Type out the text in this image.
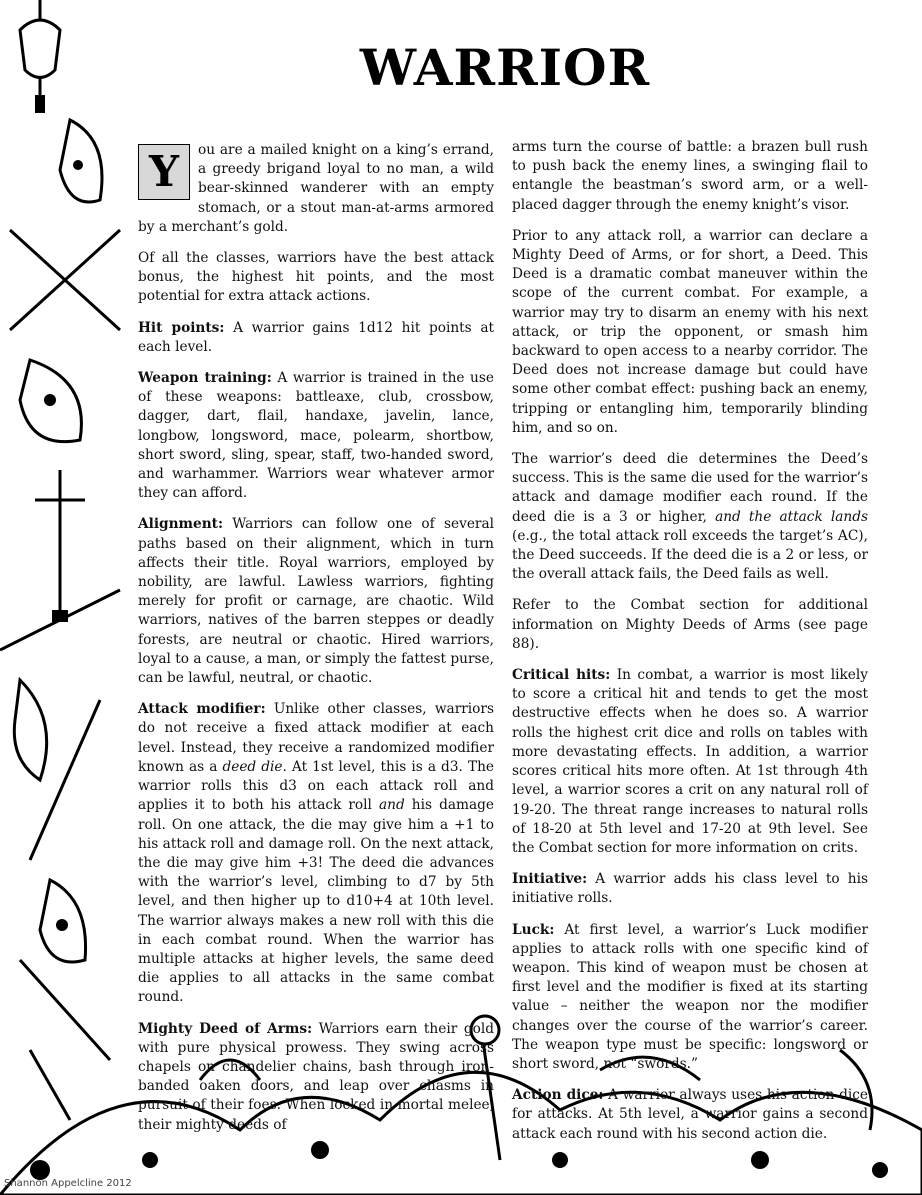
WARRIOR

Y	ou are a mailed knight on a king’s errand, a greedy brigand loyal to no man, a wild bear-skinned wanderer with an empty stomach, or a stout man-at-arms armored by a merchant’s gold.

Of all the classes, warriors have the best attack bonus, the highest hit points, and the most potential for extra attack actions.

Hit points: A warrior gains 1d12 hit points at each level.

Weapon training: A warrior is trained in the use of these weapons: battleaxe, club, crossbow, dagger, dart, flail, handaxe, javelin, lance, longbow, longsword, mace, polearm, shortbow, short sword, sling, spear, staff, two-handed sword, and warhammer. Warriors wear whatever armor they can afford.

Alignment: Warriors can follow one of several paths based on their alignment, which in turn affects their title. Royal warriors, employed by nobility, are lawful. Lawless warriors, fighting merely for profit or carnage, are chaotic. Wild warriors, natives of the barren steppes or deadly forests, are neutral or chaotic. Hired warriors, loyal to a cause, a man, or simply the fattest purse, can be lawful, neutral, or chaotic.

Attack modifier: Unlike other classes, warriors do not receive a fixed attack modifier at each level. Instead, they receive a randomized modifier known as a deed die. At 1st level, this is a d3. The warrior rolls this d3 on each attack roll and applies it to both his attack roll and his damage roll. On one attack, the die may give him a +1 to his attack roll and damage roll. On the next attack, the die may give him +3! The deed die advances with the warrior’s level, climbing to d7 by 5th level, and then higher up to d10+4 at 10th level. The warrior always makes a new roll with this die in each combat round. When the warrior has multiple attacks at higher levels, the same deed die applies to all attacks in the same combat round.

Mighty Deed of Arms: Warriors earn their gold with pure physical prowess. They swing across chapels on chandelier chains, bash through iron-banded oaken doors, and leap over chasms in pursuit of their foes. When locked in mortal melee, their mighty deeds of

arms turn the course of battle: a brazen bull rush to push back the enemy lines, a swinging flail to entangle the beastman’s sword arm, or a well-placed dagger through the enemy knight’s visor.

Prior to any attack roll, a warrior can declare a Mighty Deed of Arms, or for short, a Deed. This Deed is a dramatic combat maneuver within the scope of the current combat. For example, a warrior may try to disarm an enemy with his next attack, or trip the opponent, or smash him backward to open access to a nearby corridor. The Deed does not increase damage but could have some other combat effect: pushing back an enemy, tripping or entangling him, temporarily blinding him, and so on.

The warrior’s deed die determines the Deed’s success. This is the same die used for the warrior’s attack and damage modifier each round. If the deed die is a 3 or higher, and the attack lands (e.g., the total attack roll exceeds the target’s AC), the Deed succeeds. If the deed die is a 2 or less, or the overall attack fails, the Deed fails as well.

Refer to the Combat section for additional information on Mighty Deeds of Arms (see page 88).

Critical hits: In combat, a warrior is most likely to score a critical hit and tends to get the most destructive effects when he does so. A warrior rolls the highest crit dice and rolls on tables with more devastating effects. In addition, a warrior scores critical hits more often. At 1st through 4th level, a warrior scores a crit on any natural roll of 19-20. The threat range increases to natural rolls of 18-20 at 5th level and 17-20 at 9th level. See the Combat section for more information on crits.

Initiative: A warrior adds his class level to his initiative rolls.

Luck: At first level, a warrior’s Luck modifier applies to attack rolls with one specific kind of weapon. This kind of weapon must be chosen at first level and the modifier is fixed at its starting value – neither the weapon nor the modifier changes over the course of the warrior’s career. The weapon type must be specific: longsword or short sword, not “swords.”

Action dice: A warrior always uses his action dice for attacks. At 5th level, a warrior gains a second attack each round with his second action die.

Shannon Appelcline 2012
